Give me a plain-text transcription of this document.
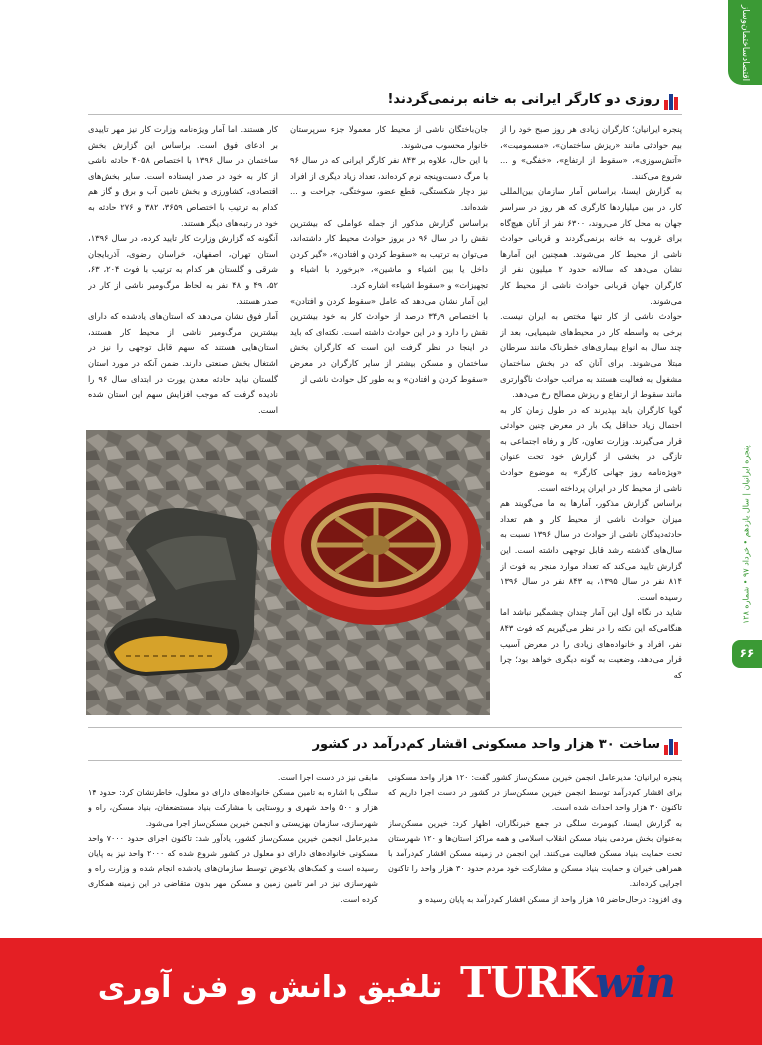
اقتصاد‌ساختمان‌وساز
پنجره ایرانیان | سال یازدهم • خرداد ۹۷ • شماره ۱۲۸
۶۶
روزی دو کارگر ایرانی به خانه برنمی‌گردند!

پنجره ایرانیان؛ کارگران زیادی هر روز صبح خود را از بیم حوادثی مانند «ریزش ساختمان»، «مسمومیت»، «آتش‌سوزی»، «سقوط از ارتفاع»، «خفگی» و ... شروع می‌کنند.

به گزارش ایسنا، براساس آمار سازمان بین‌المللی کار، در بین میلیاردها کارگری که هر روز در سراسر جهان به محل کار می‌روند، ۶۳۰۰ نفر از آنان هیچ‌گاه برای غروب به خانه برنمی‌گردند و قربانی حوادث ناشی از محیط کار می‌شوند. همچنین این آمارها نشان می‌دهد که سالانه حدود ۲ میلیون نفر از کارگران جهان قربانی حوادث ناشی از محیط کار می‌شوند.

حوادث ناشی از کار تنها مختص به ایران نیست. برخی به واسطه کار در محیط‌های شیمیایی، بعد از چند سال به انواع بیماری‌های خطرناک مانند سرطان مبتلا می‌شوند. برای آنان که در بخش ساختمان مشغول به فعالیت هستند به مراتب حوادث ناگوارتری مانند سقوط از ارتفاع و ریزش مصالح رخ می‌دهد.

گویا کارگران باید بپذیرند که در طول زمان کار به احتمال زیاد حداقل یک بار در معرض چنین حوادثی قرار می‌گیرند. وزارت تعاون، کار و رفاه اجتماعی به تازگی در بخشی از گزارش خود تحت عنوان «ویژه‌نامه روز جهانی کارگر» به موضوع حوادث ناشی از محیط کار در ایران پرداخته است.

براساس گزارش مذکور، آمارها به ما می‌گویند هم میزان حوادث ناشی از محیط کار و هم تعداد حادثه‌دیدگان ناشی از حوادث در سال ۱۳۹۶ نسبت به سال‌های گذشته رشد قابل توجهی داشته است. این گزارش تایید می‌کند که تعداد موارد منجر به فوت از ۸۱۴ نفر در سال ۱۳۹۵، به ۸۴۳ نفر در سال ۱۳۹۶ رسیده است.

شاید در نگاه اول این آمار چندان چشمگیر نباشد اما هنگامی‌که این نکته را در نظر می‌گیریم که فوت ۸۴۳ نفر، افراد و خانواده‌های زیادی را در معرض آسیب قرار می‌دهد، وضعیت به گونه دیگری خواهد بود؛ چرا که

جان‌باختگان ناشی از محیط کار معمولا جزء سرپرستان خانوار محسوب می‌شوند.

با این حال، علاوه بر ۸۴۳ نفر کارگر ایرانی که در سال ۹۶ با مرگ دست‌وپنجه نرم کرده‌اند، تعداد زیاد دیگری از افراد نیز دچار شکستگی، قطع عضو، سوختگی، جراحت و ... شده‌اند.

براساس گزارش مذکور از جمله عواملی که بیشترین نقش را در سال ۹۶ در بروز حوادث محیط کار داشته‌اند، می‌توان به ترتیب به «سقوط کردن و افتادن»، «گیر کردن داخل یا بین اشیاء و ماشین»، «برخورد با اشیاء و تجهیزات» و «سقوط اشیاء» اشاره کرد.

این آمار نشان می‌دهد که عامل «سقوط کردن و افتادن» با اختصاص ۳۴٫۹ درصد از حوادث کار به خود بیشترین نقش را دارد و در این حوادث داشته است. نکته‌ای که باید در اینجا در نظر گرفت این است که کارگران بخش ساختمان و مسکن بیشتر از سایر کارگران در معرض «سقوط کردن و افتادن» و به طور کل حوادث ناشی از

کار هستند. اما آمار ویژه‌نامه وزارت کار نیز مهر تاییدی بر ادعای فوق است. براساس این گزارش بخش ساختمان در سال ۱۳۹۶ با اختصاص ۴۰۵۸ حادثه ناشی از کار به خود در صدر ایستاده است. سایر بخش‌های اقتصادی، کشاورزی و بخش تامین آب و برق و گاز هم کدام به ترتیب با اختصاص ۳۶۵۹، ۳۸۲ و ۲۷۶ حادثه به خود در رتبه‌های دیگر هستند.

آنگونه که گزارش وزارت کار تایید کرده، در سال ۱۳۹۶، استان تهران، اصفهان، خراسان رضوی، آذربایجان شرقی و گلستان هر کدام به ترتیب با فوت ۲۰۴، ۶۳، ۵۲، ۴۹ و ۴۸ نفر به لحاظ مرگ‌ومیر ناشی از کار در صدر هستند.

آمار فوق نشان می‌دهد که استان‌های یادشده که دارای بیشترین مرگ‌ومیر ناشی از محیط کار هستند، استان‌هایی هستند که سهم قابل توجهی را نیز در اشتغال بخش صنعتی دارند. ضمن آنکه در مورد استان گلستان نباید حادثه معدن یورت در ابتدای سال ۹۶ را نادیده گرفت که موجب افزایش سهم این استان شده است.

ساخت ۳۰ هزار واحد مسکونی اقشار کم‌درآمد در کشور

پنجره ایرانیان؛ مدیرعامل انجمن خیرین مسکن‌ساز کشور گفت: ۱۲۰ هزار واحد مسکونی برای اقشار کم‌درآمد توسط انجمن خیرین مسکن‌ساز در کشور در دست اجرا داریم که تاکنون ۳۰ هزار واحد احداث شده است.

به گزارش ایسنا، کیومرث سلگی در جمع خبرنگاران، اظهار کرد: خیرین مسکن‌ساز به‌عنوان بخش مردمی بنیاد مسکن انقلاب اسلامی و همه مراکز استان‌ها و ۱۲۰ شهرستان تحت حمایت بنیاد مسکن فعالیت می‌کنند. این انجمن در زمینه مسکن اقشار کم‌درآمد با همراهی خیران و حمایت بنیاد مسکن و مشارکت خود مردم حدود ۳۰ هزار واحد را تاکنون اجرایی کرده‌اند.

وی افزود: درحال‌حاضر ۱۵ هزار واحد از مسکن اقشار کم‌درآمد به پایان رسیده و

مابقی نیز در دست اجرا است.

سلگی با اشاره به تامین مسکن خانواده‌های دارای دو معلول، خاطرنشان کرد: حدود ۱۴ هزار و ۵۰۰ واحد شهری و روستایی با مشارکت بنیاد مستضعفان، بنیاد مسکن، راه و شهرسازی، سازمان بهزیستی و انجمن خیرین مسکن‌ساز اجرا می‌شود.

مدیرعامل انجمن خیرین مسکن‌ساز کشور، یادآور شد: تاکنون اجرای حدود ۷۰۰۰ واحد مسکونی خانواده‌های دارای دو معلول در کشور شروع شده که ۲۰۰۰ واحد نیز به پایان رسیده است و کمک‌های بلاعوض توسط سازمان‌های یادشده انجام شده و وزارت راه و شهرسازی نیز در امر تامین زمین و مسکن مهر بدون متقاضی در این زمینه همکاری کرده است.

تلفیق دانش و فن آوری TURKwin
